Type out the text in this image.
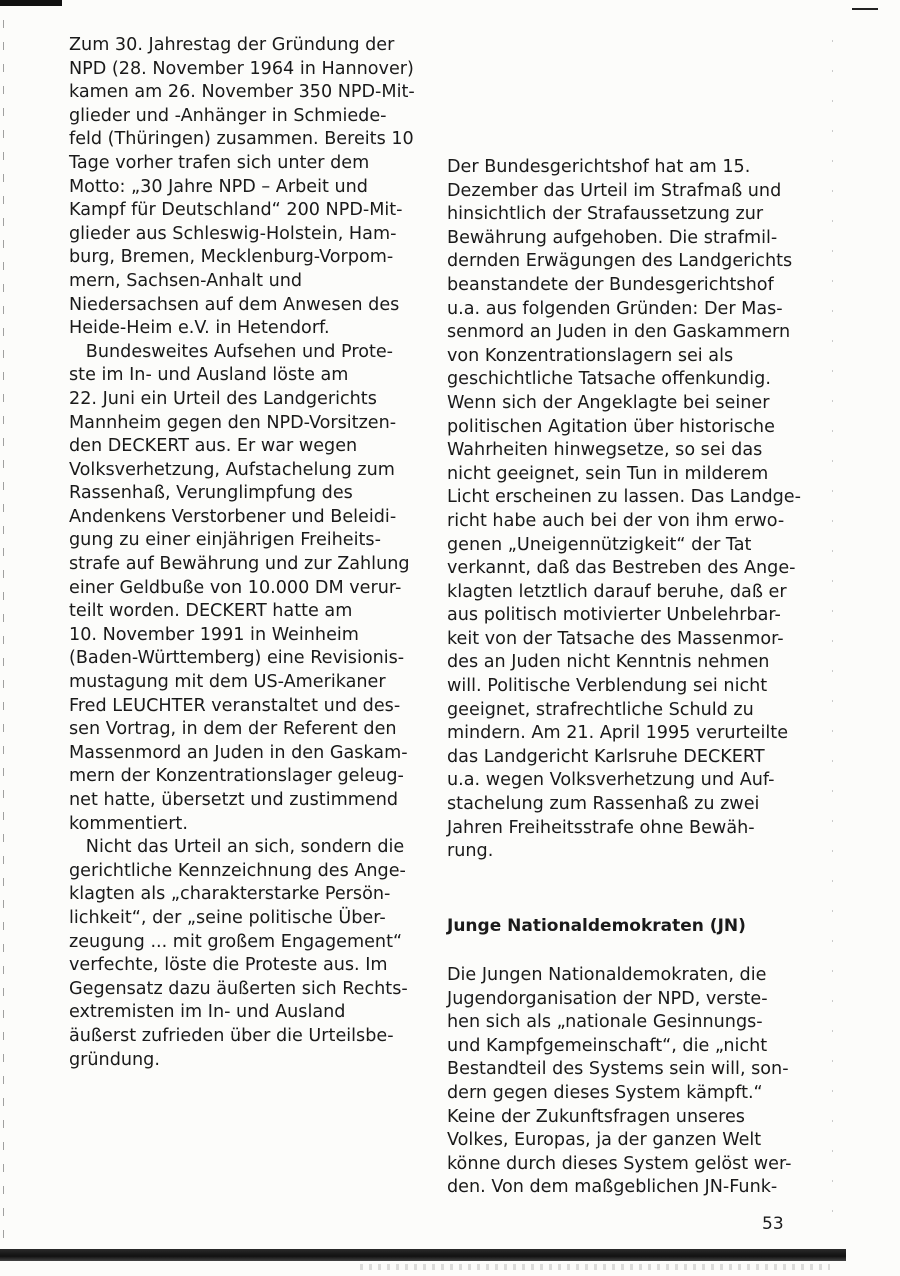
Zum 30. Jahrestag der Gründung der
NPD (28. November 1964 in Hannover)
kamen am 26. November 350 NPD-Mit-
glieder und -Anhänger in Schmiede-
feld (Thüringen) zusammen. Bereits 10
Tage vorher trafen sich unter dem
Motto: „30 Jahre NPD – Arbeit und
Kampf für Deutschland“ 200 NPD-Mit-
glieder aus Schleswig-Holstein, Ham-
burg, Bremen, Mecklenburg-Vorpom-
mern, Sachsen-Anhalt und
Niedersachsen auf dem Anwesen des
Heide-Heim e.V. in Hetendorf.
Bundesweites Aufsehen und Prote-
ste im In- und Ausland löste am
22. Juni ein Urteil des Landgerichts
Mannheim gegen den NPD-Vorsitzen-
den DECKERT aus. Er war wegen
Volksverhetzung, Aufstachelung zum
Rassenhaß, Verunglimpfung des
Andenkens Verstorbener und Beleidi-
gung zu einer einjährigen Freiheits-
strafe auf Bewährung und zur Zahlung
einer Geldbuße von 10.000 DM verur-
teilt worden. DECKERT hatte am
10. November 1991 in Weinheim
(Baden-Württemberg) eine Revisionis-
mustagung mit dem US-Amerikaner
Fred LEUCHTER veranstaltet und des-
sen Vortrag, in dem der Referent den
Massenmord an Juden in den Gaskam-
mern der Konzentrationslager geleug-
net hatte, übersetzt und zustimmend
kommentiert.
Nicht das Urteil an sich, sondern die
gerichtliche Kennzeichnung des Ange-
klagten als „charakterstarke Persön-
lichkeit“, der „seine politische Über-
zeugung ... mit großem Engagement“
verfechte, löste die Proteste aus. Im
Gegensatz dazu äußerten sich Rechts-
extremisten im In- und Ausland
äußerst zufrieden über die Urteilsbe-
gründung.
Der Bundesgerichtshof hat am 15.
Dezember das Urteil im Strafmaß und
hinsichtlich der Strafaussetzung zur
Bewährung aufgehoben. Die strafmil-
dernden Erwägungen des Landgerichts
beanstandete der Bundesgerichtshof
u.a. aus folgenden Gründen: Der Mas-
senmord an Juden in den Gaskammern
von Konzentrationslagern sei als
geschichtliche Tatsache offenkundig.
Wenn sich der Angeklagte bei seiner
politischen Agitation über historische
Wahrheiten hinwegsetze, so sei das
nicht geeignet, sein Tun in milderem
Licht erscheinen zu lassen. Das Landge-
richt habe auch bei der von ihm erwo-
genen „Uneigennützigkeit“ der Tat
verkannt, daß das Bestreben des Ange-
klagten letztlich darauf beruhe, daß er
aus politisch motivierter Unbelehrbar-
keit von der Tatsache des Massenmor-
des an Juden nicht Kenntnis nehmen
will. Politische Verblendung sei nicht
geeignet, strafrechtliche Schuld zu
mindern. Am 21. April 1995 verurteilte
das Landgericht Karlsruhe DECKERT
u.a. wegen Volksverhetzung und Auf-
stachelung zum Rassenhaß zu zwei
Jahren Freiheitsstrafe ohne Bewäh-
rung.
Junge Nationaldemokraten (JN)
Die Jungen Nationaldemokraten, die
Jugendorganisation der NPD, verste-
hen sich als „nationale Gesinnungs-
und Kampfgemeinschaft“, die „nicht
Bestandteil des Systems sein will, son-
dern gegen dieses System kämpft.“
Keine der Zukunftsfragen unseres
Volkes, Europas, ja der ganzen Welt
könne durch dieses System gelöst wer-
den. Von dem maßgeblichen JN-Funk-
53
